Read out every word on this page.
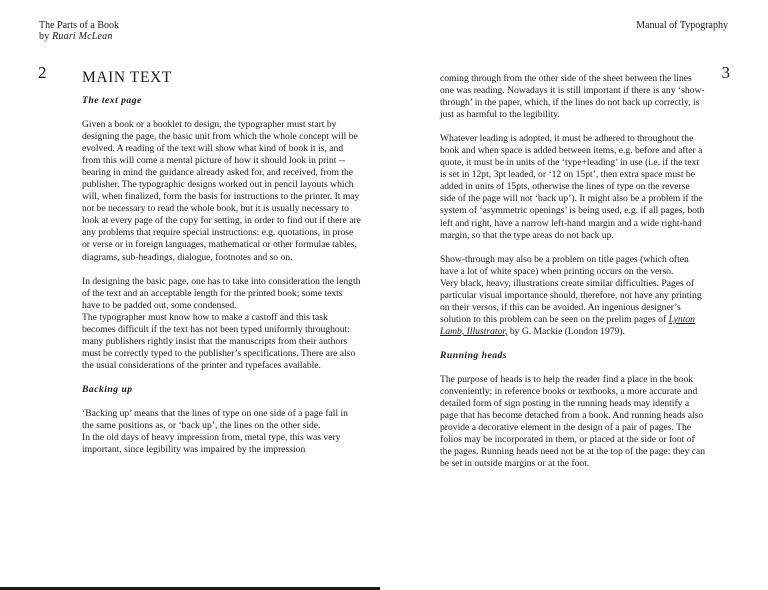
The Parts of a Book
by Ruari McLean
2 MAIN TEXT
The text page

Given a book or a booklet to design, the typographer must start by designing the page, the basic unit from which the whole concept will be evolved. A reading of the text will show what kind of book it is, and from this will come a mental picture of how it should look in print -- bearing in mind the guidance already asked for, and received, from the publisher. The typographic designs worked out in pencil layouts which will, when finalized, form the basis for instructions to the printer. It may not be necessary to read the whole book, but it is usually necessary to look at every page of the copy for setting, in order to find out if there are any problems that require special instructions: e.g. quotations, in prose or verse or in foreign languages, mathematical or other formulae tables, diagrams, sub-headings, dialogue, footnotes and so on.

In designing the basic page, one has to take into consideration the length of the text and an acceptable length for the printed book; some texts have to be padded out, some condensed.

The typographer must know how to make a castoff and this task becomes difficult if the text has not been typed uniformly throughout: many publishers rightly insist that the manuscripts from their authors must be correctly typed to the publisher’s specifications. There are also the usual considerations of the printer and typefaces available.

Backing up

‘Backing up’ means that the lines of type on one side of a page fall in the same positions as, or ‘back up’, the lines on the other side.

In the old days of heavy impression from, metal type, this was very important, since legibility was impaired by the impression

Manual of Typography
3

coming through from the other side of the sheet between the lines one was reading. Nowadays it is still important if there is any ‘show-through’ in the paper, which, if the lines do not back up correctly, is just as harmful to the legibility.

Whatever leading is adopted, it must be adhered to throughout the book and when space is added between items, e.g. before and after a quote, it must be in units of the ‘type+leading’ in use (i.e. if the text is set in 12pt, 3pt leaded, or ‘12 on 15pt’, then extra space must be added in units of 15pts, otherwise the lines of type on the reverse side of the page will not ‘back up’). It might also be a problem if the system of ‘asymmetric openings’ is being used, e.g. if all pages, both left and right, have a narrow left-hand margin and a wide right-hand margin, so that the type areas do not back up.

Show-through may also be a problem on title pages (which often have a lot of white space) when printing occurs on the verso.

Very black, heavy, illustrations create similar difficulties. Pages of particular visual importance should, therefore, not have any printing on their versos, if this can be avoided. An ingenious designer’s solution to this problem can be seen on the prelim pages of Lynton Lamb, Illustrator, by G. Mackie (London 1979).

Running heads

The purpose of heads is to help the reader find a place in the book conveniently; in reference books or textbooks, a more accurate and detailed form of sign posting in the running heads may identify a page that has become detached from a book. And running heads also provide a decorative element in the design of a pair of pages. The folios may be incorporated in them, or placed at the side or foot of the pages. Running heads need not be at the top of the page: they can be set in outside margins or at the foot.
